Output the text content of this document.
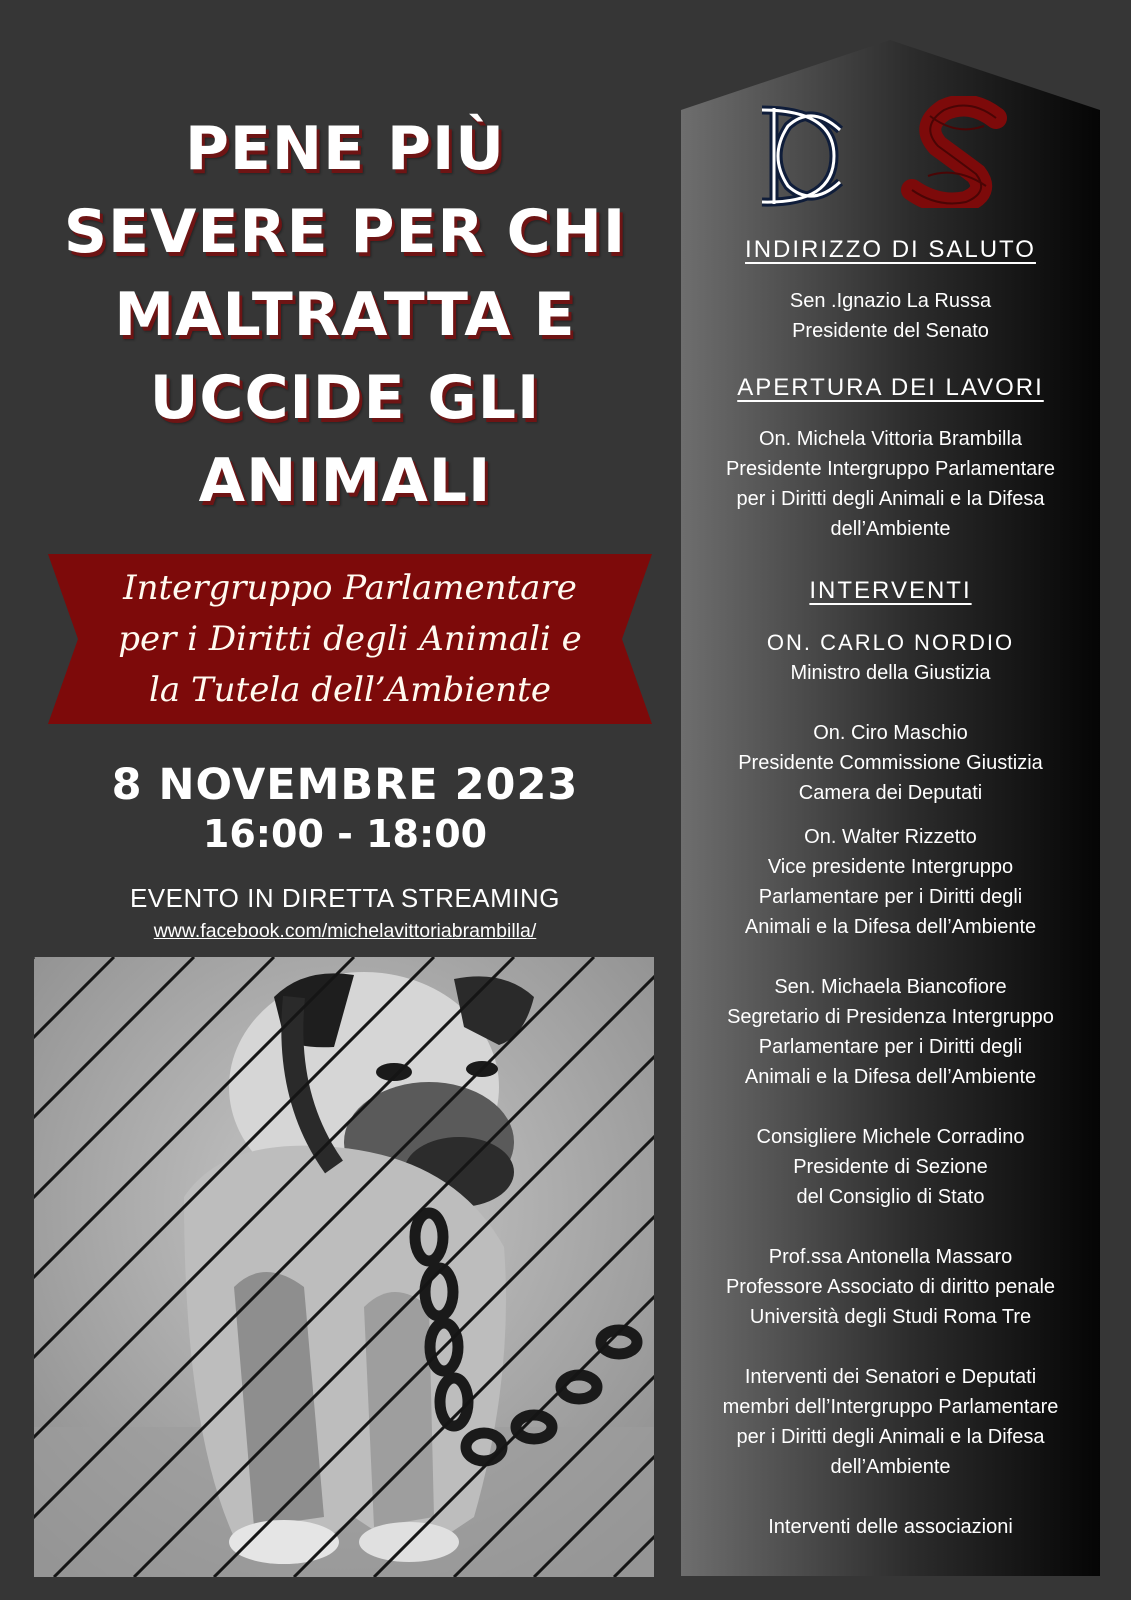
PENE PIÙ
SEVERE PER CHI
MALTRATTA E
UCCIDE GLI
ANIMALI
Intergruppo Parlamentare
per i Diritti degli Animali e
la Tutela dell’Ambiente
8 NOVEMBRE 2023
16:00 - 18:00
EVENTO IN DIRETTA STREAMING
www.facebook.com/michelavittoriabrambilla/
INDIRIZZO DI SALUTO
Sen .Ignazio La Russa
Presidente del Senato
APERTURA DEI LAVORI
On. Michela Vittoria Brambilla
Presidente Intergruppo Parlamentare
per i Diritti degli Animali e la Difesa
dell’Ambiente
INTERVENTI
ON. CARLO NORDIO
Ministro della Giustizia
On. Ciro Maschio
Presidente Commissione Giustizia
Camera dei Deputati
On. Walter Rizzetto
Vice presidente Intergruppo
Parlamentare per i Diritti degli
Animali e la Difesa dell’Ambiente
Sen. Michaela Biancofiore
Segretario di Presidenza Intergruppo
Parlamentare per i Diritti degli
Animali e la Difesa dell’Ambiente
Consigliere Michele Corradino
Presidente di Sezione
del Consiglio di Stato
Prof.ssa Antonella Massaro
Professore Associato di diritto penale
Università degli Studi Roma Tre
Interventi dei Senatori e Deputati
membri dell’Intergruppo Parlamentare
per i Diritti degli Animali e la Difesa
dell’Ambiente
Interventi delle associazioni
